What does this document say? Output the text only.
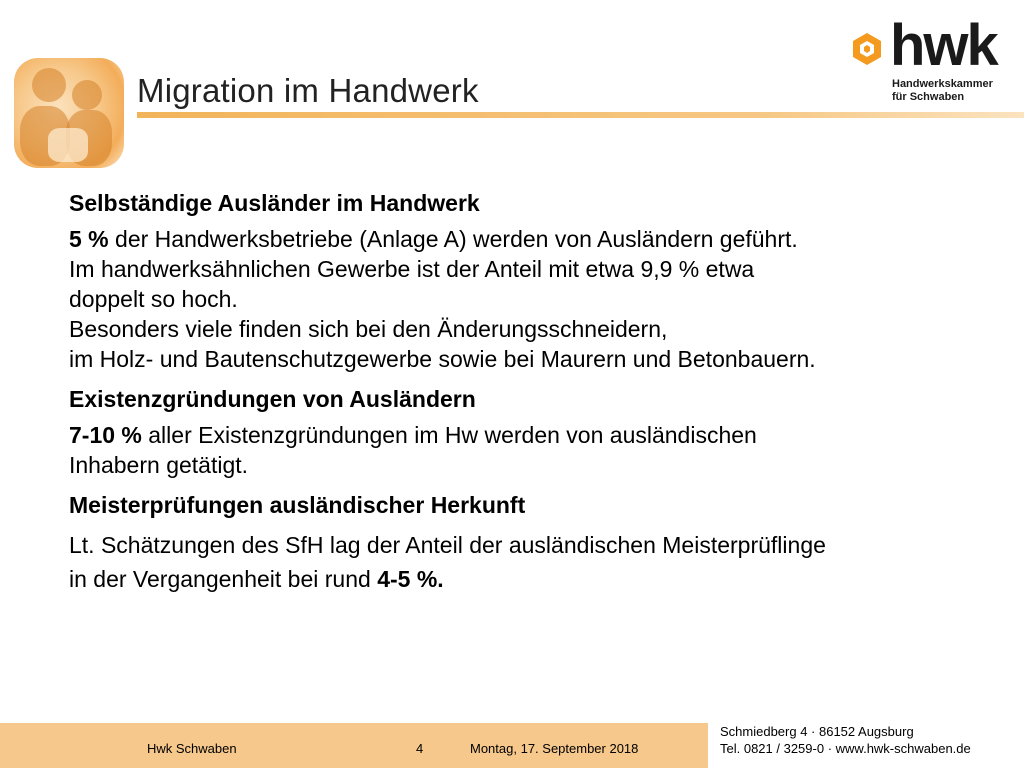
Migration im Handwerk
hwk
Handwerkskammer
für Schwaben
Selbständige Ausländer im Handwerk
5 % der Handwerksbetriebe (Anlage A) werden von Ausländern geführt.
Im handwerksähnlichen Gewerbe ist der Anteil mit etwa 9,9 % etwa
doppelt so hoch.
Besonders viele finden sich bei den Änderungsschneidern,
im Holz- und Bautenschutzgewerbe sowie bei Maurern und Betonbauern.
Existenzgründungen von Ausländern
7-10 % aller Existenzgründungen im Hw werden von ausländischen
Inhabern getätigt.
Meisterprüfungen ausländischer Herkunft
Lt. Schätzungen des SfH lag der Anteil der ausländischen Meisterprüflinge
in der Vergangenheit bei rund 4-5 %.
Hwk Schwaben	4	Montag, 17. September 2018
Schmiedberg 4 · 86152 Augsburg
Tel. 0821 / 3259-0 · www.hwk-schwaben.de
